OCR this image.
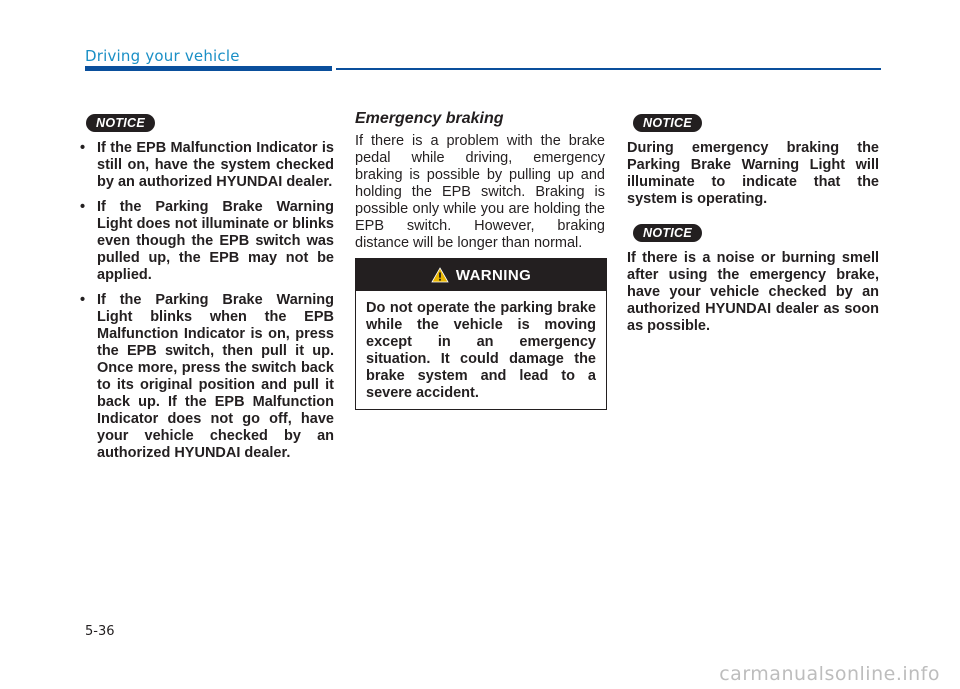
Driving your vehicle
NOTICE
• If the EPB Malfunction Indicator is still on, have the system checked by an authorized HYUNDAI dealer.
• If the Parking Brake Warning Light does not illuminate or blinks even though the EPB switch was pulled up, the EPB may not be applied.
• If the Parking Brake Warning Light blinks when the EPB Malfunction Indicator is on, press the EPB switch, then pull it up. Once more, press the switch back to its original position and pull it back up. If the EPB Malfunction Indicator does not go off, have your vehicle checked by an authorized HYUNDAI dealer.
Emergency braking

If there is a problem with the brake pedal while driving, emergency braking is possible by pulling up and holding the EPB switch. Braking is possible only while you are holding the EPB switch. However, braking distance will be longer than normal.

WARNING
Do not operate the parking brake while the vehicle is moving except in an emergency situation. It could damage the brake system and lead to a severe accident.
NOTICE

During emergency braking the Parking Brake Warning Light will illuminate to indicate that the system is operating.

NOTICE

If there is a noise or burning smell after using the emergency brake, have your vehicle checked by an authorized HYUNDAI dealer as soon as possible.

5-36
carmanualsonline.info
